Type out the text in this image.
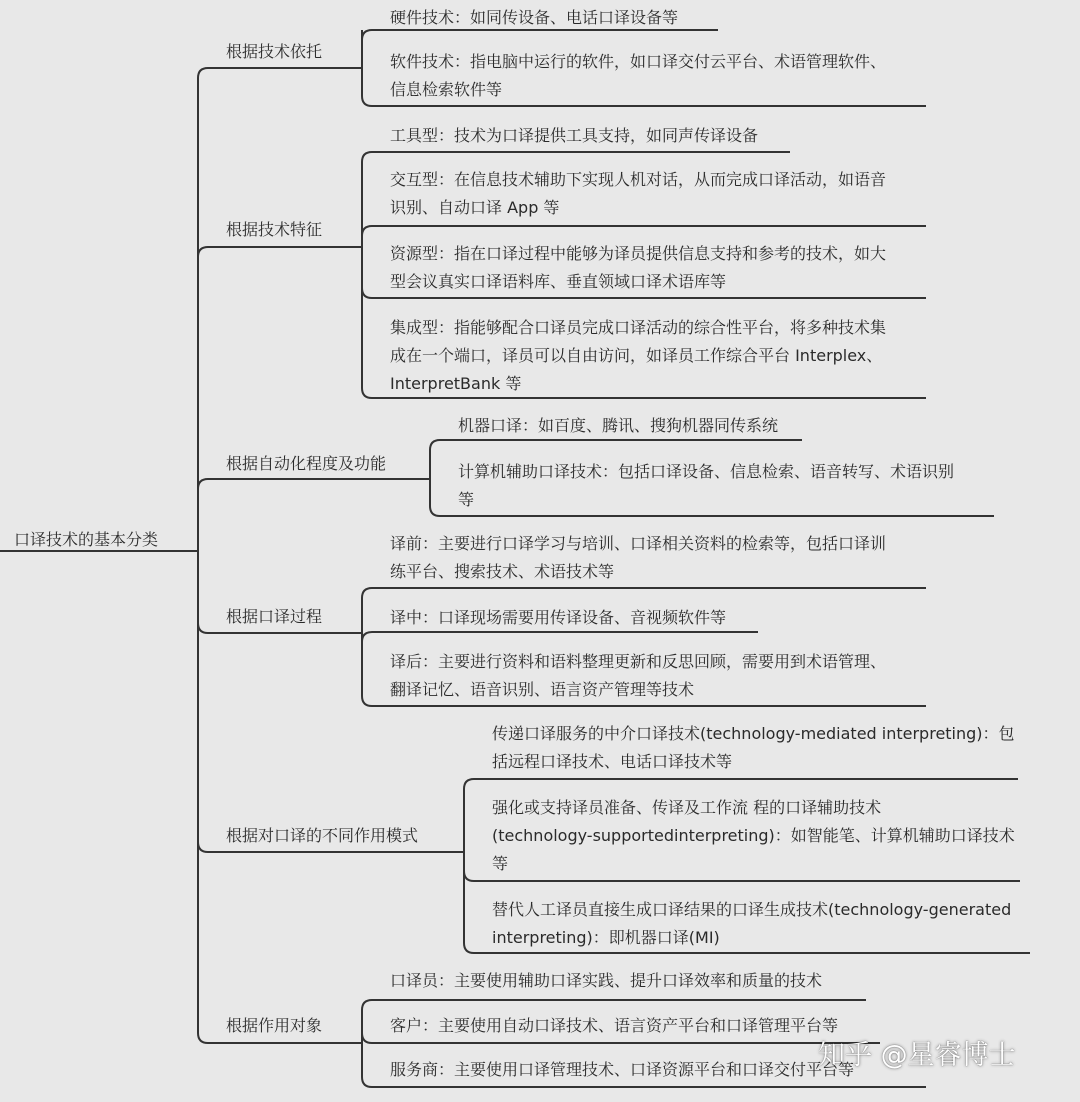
口译技术的基本分类
知乎 @星睿博士
根据技术依托
硬件技术：如同传设备、电话口译设备等
软件技术：指电脑中运行的软件，如口译交付云平台、术语管理软件、
信息检索软件等
根据技术特征
工具型：技术为口译提供工具支持，如同声传译设备
交互型：在信息技术辅助下实现人机对话，从而完成口译活动，如语音
识别、自动口译 App 等
资源型：指在口译过程中能够为译员提供信息支持和参考的技术，如大
型会议真实口译语料库、垂直领域口译术语库等
集成型：指能够配合口译员完成口译活动的综合性平台，将多种技术集
成在一个端口，译员可以自由访问，如译员工作综合平台 Interplex、
InterpretBank 等
根据自动化程度及功能
机器口译：如百度、腾讯、搜狗机器同传系统
计算机辅助口译技术：包括口译设备、信息检索、语音转写、术语识别
等
根据口译过程
译前：主要进行口译学习与培训、口译相关资料的检索等，包括口译训
练平台、搜索技术、术语技术等
译中：口译现场需要用传译设备、音视频软件等
译后：主要进行资料和语料整理更新和反思回顾，需要用到术语管理、
翻译记忆、语音识别、语言资产管理等技术
根据对口译的不同作用模式
传递口译服务的中介口译技术(technology-mediated interpreting)：包
括远程口译技术、电话口译技术等
强化或支持译员准备、传译及工作流 程的口译辅助技术
(technology-supportedinterpreting)：如智能笔、计算机辅助口译技术
等
替代人工译员直接生成口译结果的口译生成技术(technology-generated
interpreting)：即机器口译(MI)
根据作用对象
口译员：主要使用辅助口译实践、提升口译效率和质量的技术
客户：主要使用自动口译技术、语言资产平台和口译管理平台等
服务商：主要使用口译管理技术、口译资源平台和口译交付平台等
